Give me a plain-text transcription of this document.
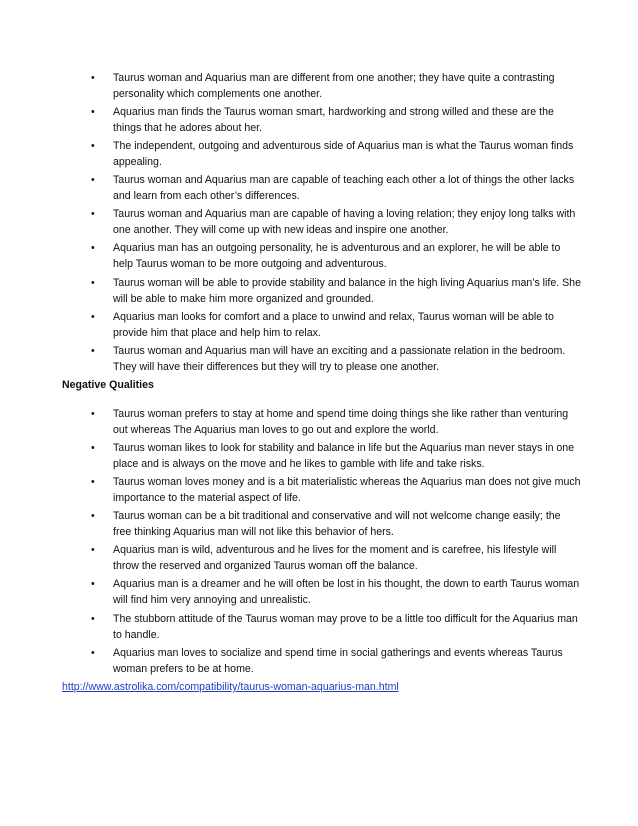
• Taurus woman and Aquarius man are different from one another; they have quite a contrasting personality which complements one another.
• Aquarius man finds the Taurus woman smart, hardworking and strong willed and these are the things that he adores about her.
• The independent, outgoing and adventurous side of Aquarius man is what the Taurus woman finds appealing.
• Taurus woman and Aquarius man are capable of teaching each other a lot of things the other lacks and learn from each other’s differences.
• Taurus woman and Aquarius man are capable of having a loving relation; they enjoy long talks with one another. They will come up with new ideas and inspire one another.
• Aquarius man has an outgoing personality, he is adventurous and an explorer, he will be able to help Taurus woman to be more outgoing and adventurous.
• Taurus woman will be able to provide stability and balance in the high living Aquarius man’s life. She will be able to make him more organized and grounded.
• Aquarius man looks for comfort and a place to unwind and relax, Taurus woman will be able to provide him that place and help him to relax.
• Taurus woman and Aquarius man will have an exciting and a passionate relation in the bedroom. They will have their differences but they will try to please one another.
Negative Qualities
• Taurus woman prefers to stay at home and spend time doing things she like rather than venturing out whereas The Aquarius man loves to go out and explore the world.
• Taurus woman likes to look for stability and balance in life but the Aquarius man never stays in one place and is always on the move and he likes to gamble with life and take risks.
• Taurus woman loves money and is a bit materialistic whereas the Aquarius man does not give much importance to the material aspect of life.
• Taurus woman can be a bit traditional and conservative and will not welcome change easily; the free thinking Aquarius man will not like this behavior of hers.
• Aquarius man is wild, adventurous and he lives for the moment and is carefree, his lifestyle will throw the reserved and organized Taurus woman off the balance.
• Aquarius man is a dreamer and he will often be lost in his thought, the down to earth Taurus woman will find him very annoying and unrealistic.
• The stubborn attitude of the Taurus woman may prove to be a little too difficult for the Aquarius man to handle.
• Aquarius man loves to socialize and spend time in social gatherings and events whereas Taurus woman prefers to be at home.
http://www.astrolika.com/compatibility/taurus-woman-aquarius-man.html
